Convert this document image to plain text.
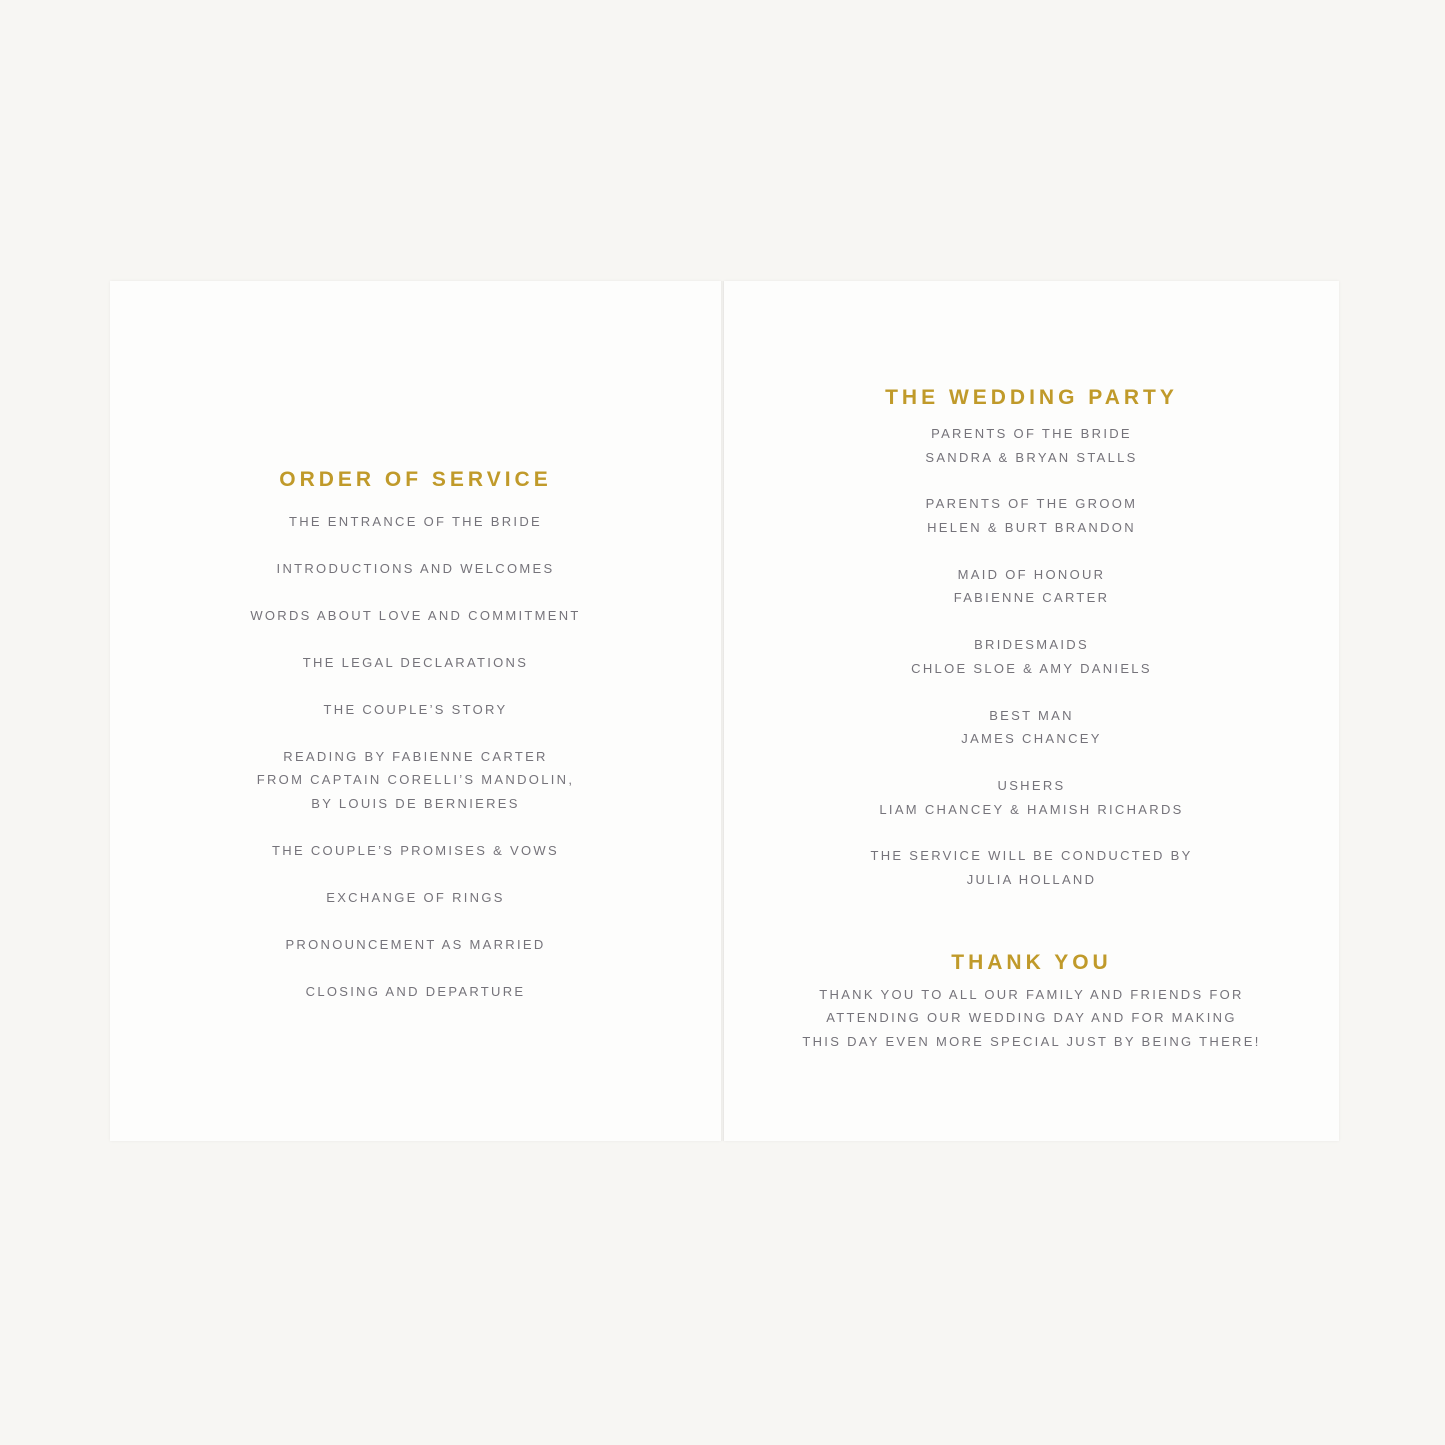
ORDER OF SERVICE

THE ENTRANCE OF THE BRIDE

INTRODUCTIONS AND WELCOMES

WORDS ABOUT LOVE AND COMMITMENT

THE LEGAL DECLARATIONS

THE COUPLE’S STORY

READING BY FABIENNE CARTER

FROM CAPTAIN CORELLI’S MANDOLIN,

BY LOUIS DE BERNIERES

THE COUPLE’S PROMISES & VOWS

EXCHANGE OF RINGS

PRONOUNCEMENT AS MARRIED

CLOSING AND DEPARTURE

THE WEDDING PARTY

PARENTS OF THE BRIDE

SANDRA & BRYAN STALLS

PARENTS OF THE GROOM

HELEN & BURT BRANDON

MAID OF HONOUR

FABIENNE CARTER

BRIDESMAIDS

CHLOE SLOE & AMY DANIELS

BEST MAN

JAMES CHANCEY

USHERS

LIAM CHANCEY & HAMISH RICHARDS

THE SERVICE WILL BE CONDUCTED BY

JULIA HOLLAND

THANK YOU

THANK YOU TO ALL OUR FAMILY AND FRIENDS FOR

ATTENDING OUR WEDDING DAY AND FOR MAKING

THIS DAY EVEN MORE SPECIAL JUST BY BEING THERE!
